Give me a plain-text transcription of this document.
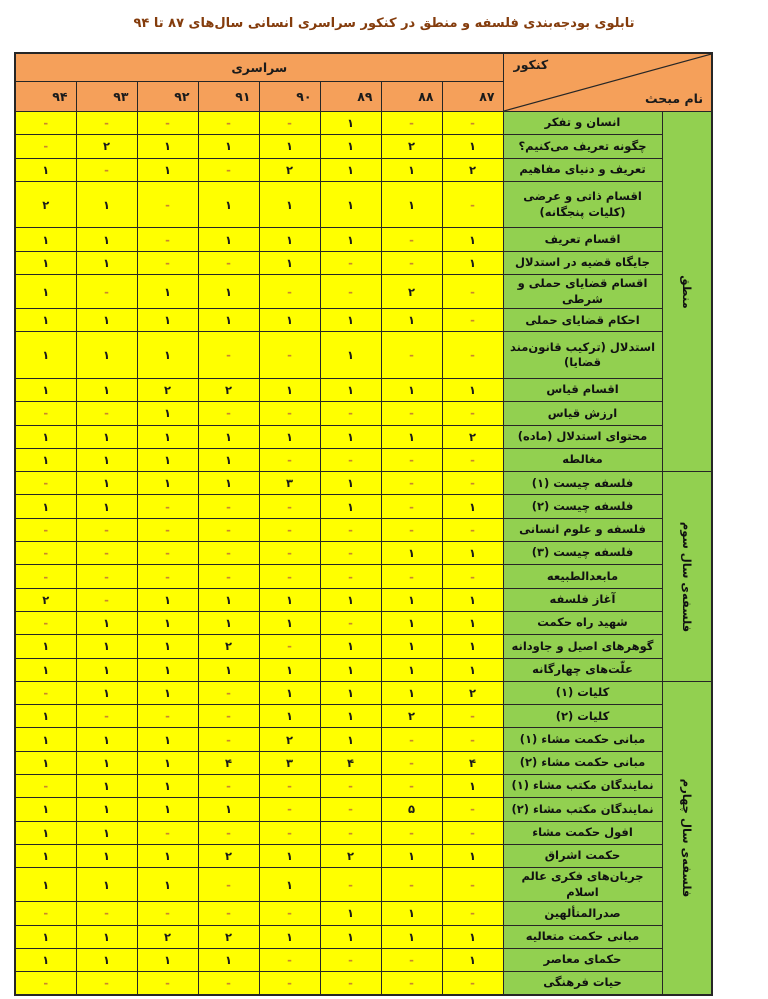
تابلوی بودجه‌بندی فلسفه و منطق در کنکور سراسری انسانی سال‌های ۸۷ تا ۹۴
کنکور
نام مبحث		سراسری							
		۸۷	۸۸	۸۹	۹۰	۹۱	۹۲	۹۳	۹۴

منطق	انسان و تفکر	-	-	۱	-	-	-	-	-
	چگونه تعریف می‌کنیم؟	۱	۲	۱	۱	۱	۱	۲	-
	تعریف و دنیای مفاهیم	۲	۱	۱	۲	-	۱	-	۱
	اقسام ذاتی و عرضی (کلیات پنجگانه)	-	۱	۱	۱	۱	-	۱	۲
	اقسام تعریف	۱	-	۱	۱	۱	-	۱	۱
	جایگاه قضیه در استدلال	۱	-	-	۱	-	-	۱	۱
	اقسام قضایای حملی و شرطی	-	۲	-	-	۱	۱	-	۱
	احکام قضایای حملی	-	۱	۱	۱	۱	۱	۱	۱
	استدلال (ترکیب قانون‌مند قضایا)	-	-	۱	-	-	۱	۱	۱
	اقسام قیاس	۱	۱	۱	۱	۲	۲	۱	۱
	ارزش قیاس	-	-	-	-	-	۱	-	-
	محتوای استدلال (ماده)	۲	۱	۱	۱	۱	۱	۱	۱
	مغالطه	-	-	-	-	۱	۱	۱	۱

فلسفه‌ی سال سوم	فلسفه چیست (۱)	-	-	۱	۳	۱	۱	۱	-
	فلسفه چیست (۲)	۱	-	۱	-	-	-	۱	۱
	فلسفه و علوم انسانی	-	-	-	-	-	-	-	-
	فلسفه چیست (۳)	۱	۱	-	-	-	-	-	-
	مابعدالطبیعه	-	-	-	-	-	-	-	-
	آغاز فلسفه	۱	۱	۱	۱	۱	۱	-	۲
	شهید راه حکمت	۱	۱	-	۱	۱	۱	۱	-
	گوهرهای اصیل و جاودانه	۱	۱	۱	-	۲	۱	۱	۱
	علّت‌های چهارگانه	۱	۱	۱	۱	۱	۱	۱	۱

فلسفه‌ی سال چهارم	کلیات (۱)	۲	۱	۱	۱	-	۱	۱	-
	کلیات (۲)	-	۲	۱	۱	-	-	-	۱
	مبانی حکمت مشاء (۱)	-	-	۱	۲	-	۱	۱	۱
	مبانی حکمت مشاء (۲)	۴	-	۴	۳	۴	۱	۱	۱
	نمایندگان مکتب مشاء (۱)	۱	-	-	-	-	۱	۱	-
	نمایندگان مکتب مشاء (۲)	-	۵	-	-	۱	۱	۱	۱
	افول حکمت مشاء	-	-	-	-	-	-	۱	۱
	حکمت اشراق	۱	۱	۲	۱	۲	۱	۱	۱
	جریان‌های فکری عالم اسلام	-	-	-	۱	-	۱	۱	۱
	صدرالمتألهین	-	۱	۱	-	-	-	-	-
	مبانی حکمت متعالیه	۱	۱	۱	۱	۲	۲	۱	۱
	حکمای معاصر	۱	-	-	-	۱	۱	۱	۱
	حیات فرهنگی	-	-	-	-	-	-	-	-
